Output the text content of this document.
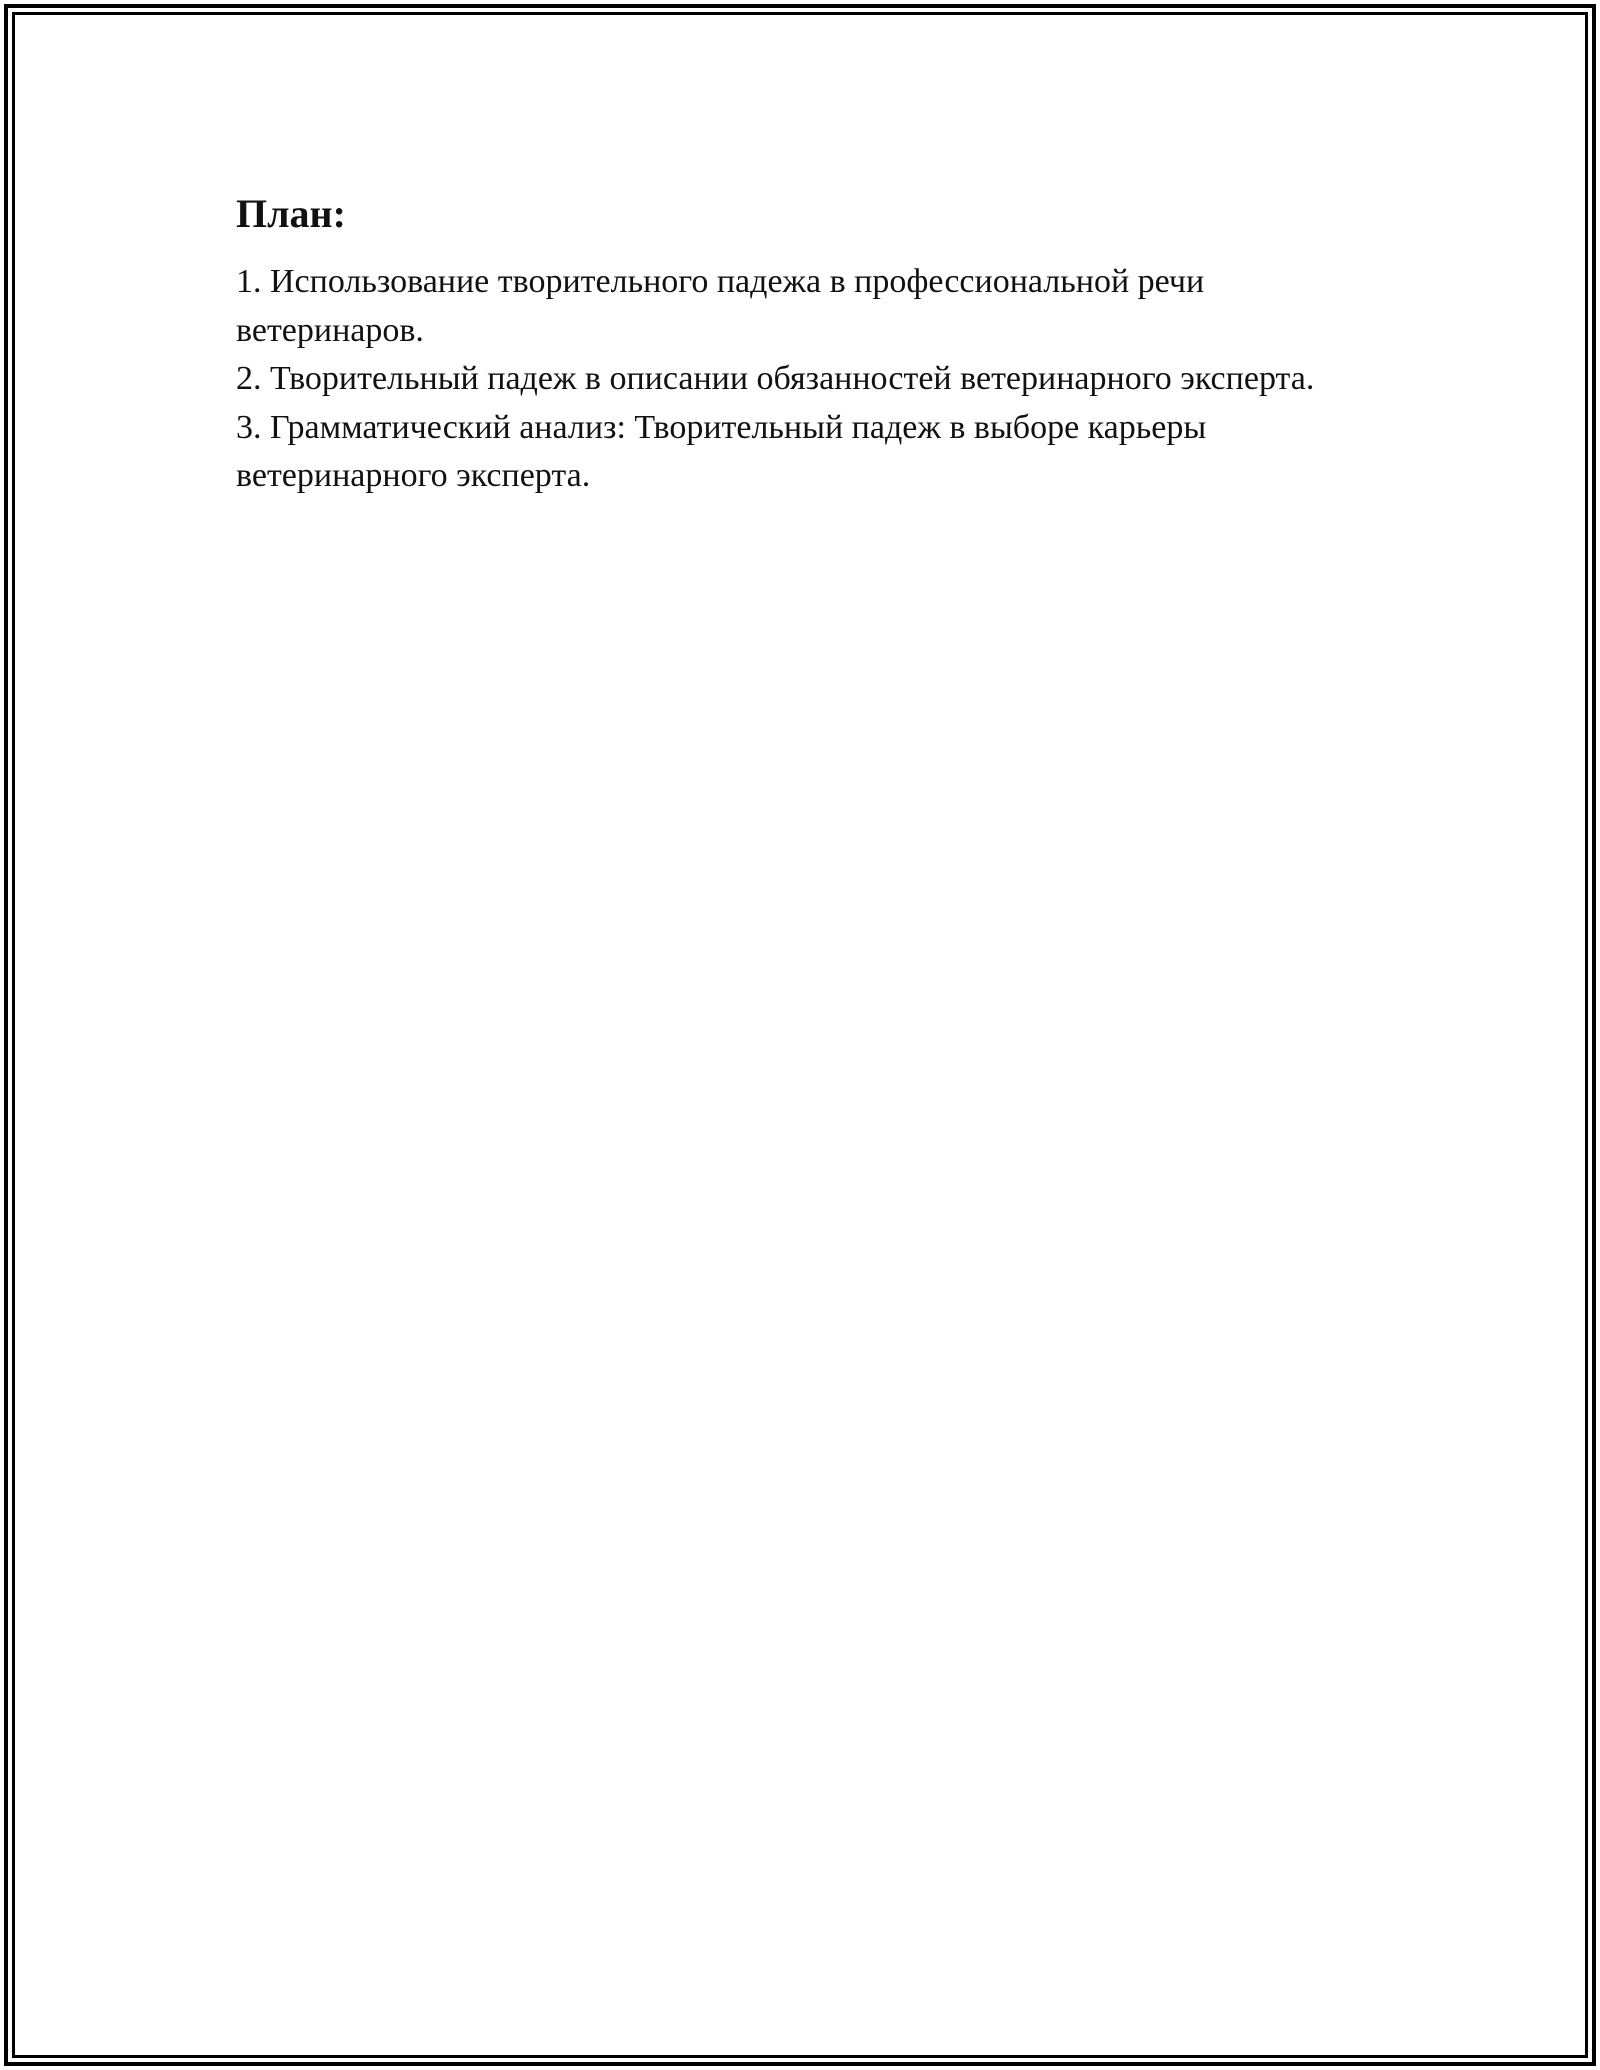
План:

1. Использование творительного падежа в профессиональной речи ветеринаров.

2. Творительный падеж в описании обязанностей ветеринарного эксперта.

3. Грамматический анализ: Творительный падеж в выборе карьеры ветеринарного эксперта.
